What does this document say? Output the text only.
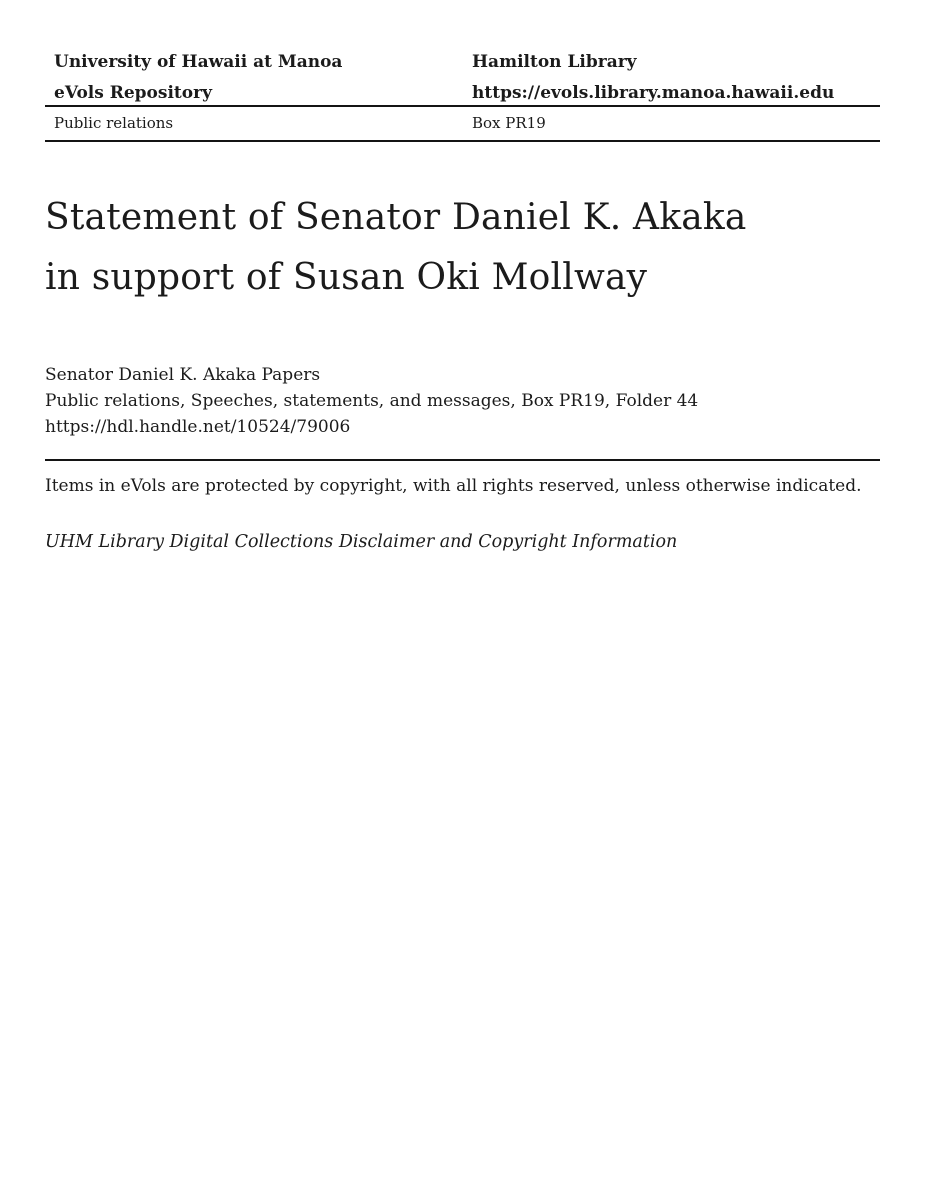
University of Hawaii at Manoa	Hamilton Library
eVols Repository	https://evols.library.manoa.hawaii.edu
Public relations	Box PR19
Statement of Senator Daniel K. Akaka
in support of Susan Oki Mollway
Senator Daniel K. Akaka Papers
Public relations, Speeches, statements, and messages, Box PR19, Folder 44
https://hdl.handle.net/10524/79006

Items in eVols are protected by copyright, with all rights reserved, unless otherwise indicated.

UHM Library Digital Collections Disclaimer and Copyright Information
